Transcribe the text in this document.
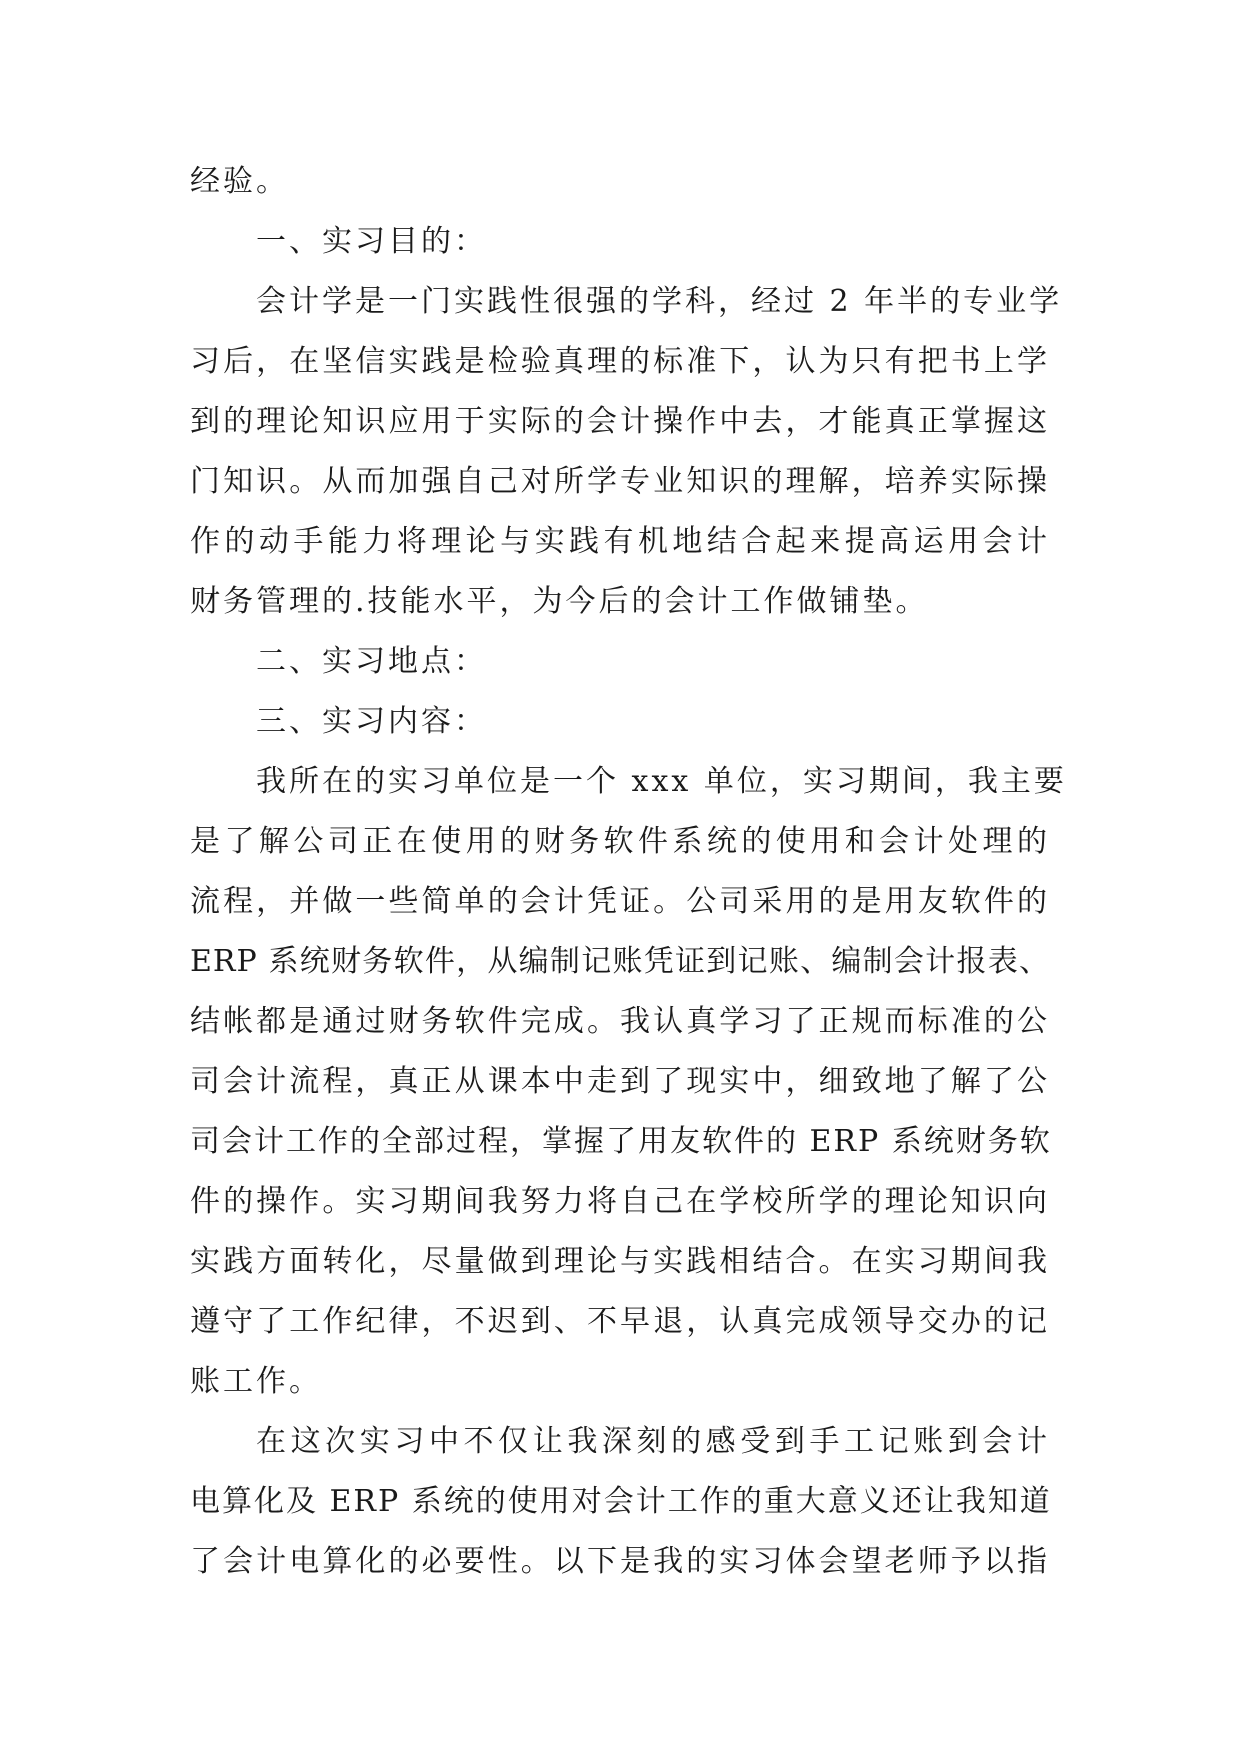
经验。

一、实习目的：

会计学是一门实践性很强的学科，经过 2 年半的专业学
习后，在坚信实践是检验真理的标准下，认为只有把书上学
到的理论知识应用于实际的会计操作中去，才能真正掌握这
门知识。从而加强自己对所学专业知识的理解，培养实际操
作的动手能力将理论与实践有机地结合起来提高运用会计
财务管理的.技能水平，为今后的会计工作做铺垫。

二、实习地点：

三、实习内容：

我所在的实习单位是一个 xxx 单位，实习期间，我主要
是了解公司正在使用的财务软件系统的使用和会计处理的
流程，并做一些简单的会计凭证。公司采用的是用友软件的
ERP 系统财务软件，从编制记账凭证到记账、编制会计报表、
结帐都是通过财务软件完成。我认真学习了正规而标准的公
司会计流程，真正从课本中走到了现实中，细致地了解了公
司会计工作的全部过程，掌握了用友软件的 ERP 系统财务软
件的操作。实习期间我努力将自己在学校所学的理论知识向
实践方面转化，尽量做到理论与实践相结合。在实习期间我
遵守了工作纪律，不迟到、不早退，认真完成领导交办的记
账工作。

在这次实习中不仅让我深刻的感受到手工记账到会计
电算化及 ERP 系统的使用对会计工作的重大意义还让我知道
了会计电算化的必要性。以下是我的实习体会望老师予以指
